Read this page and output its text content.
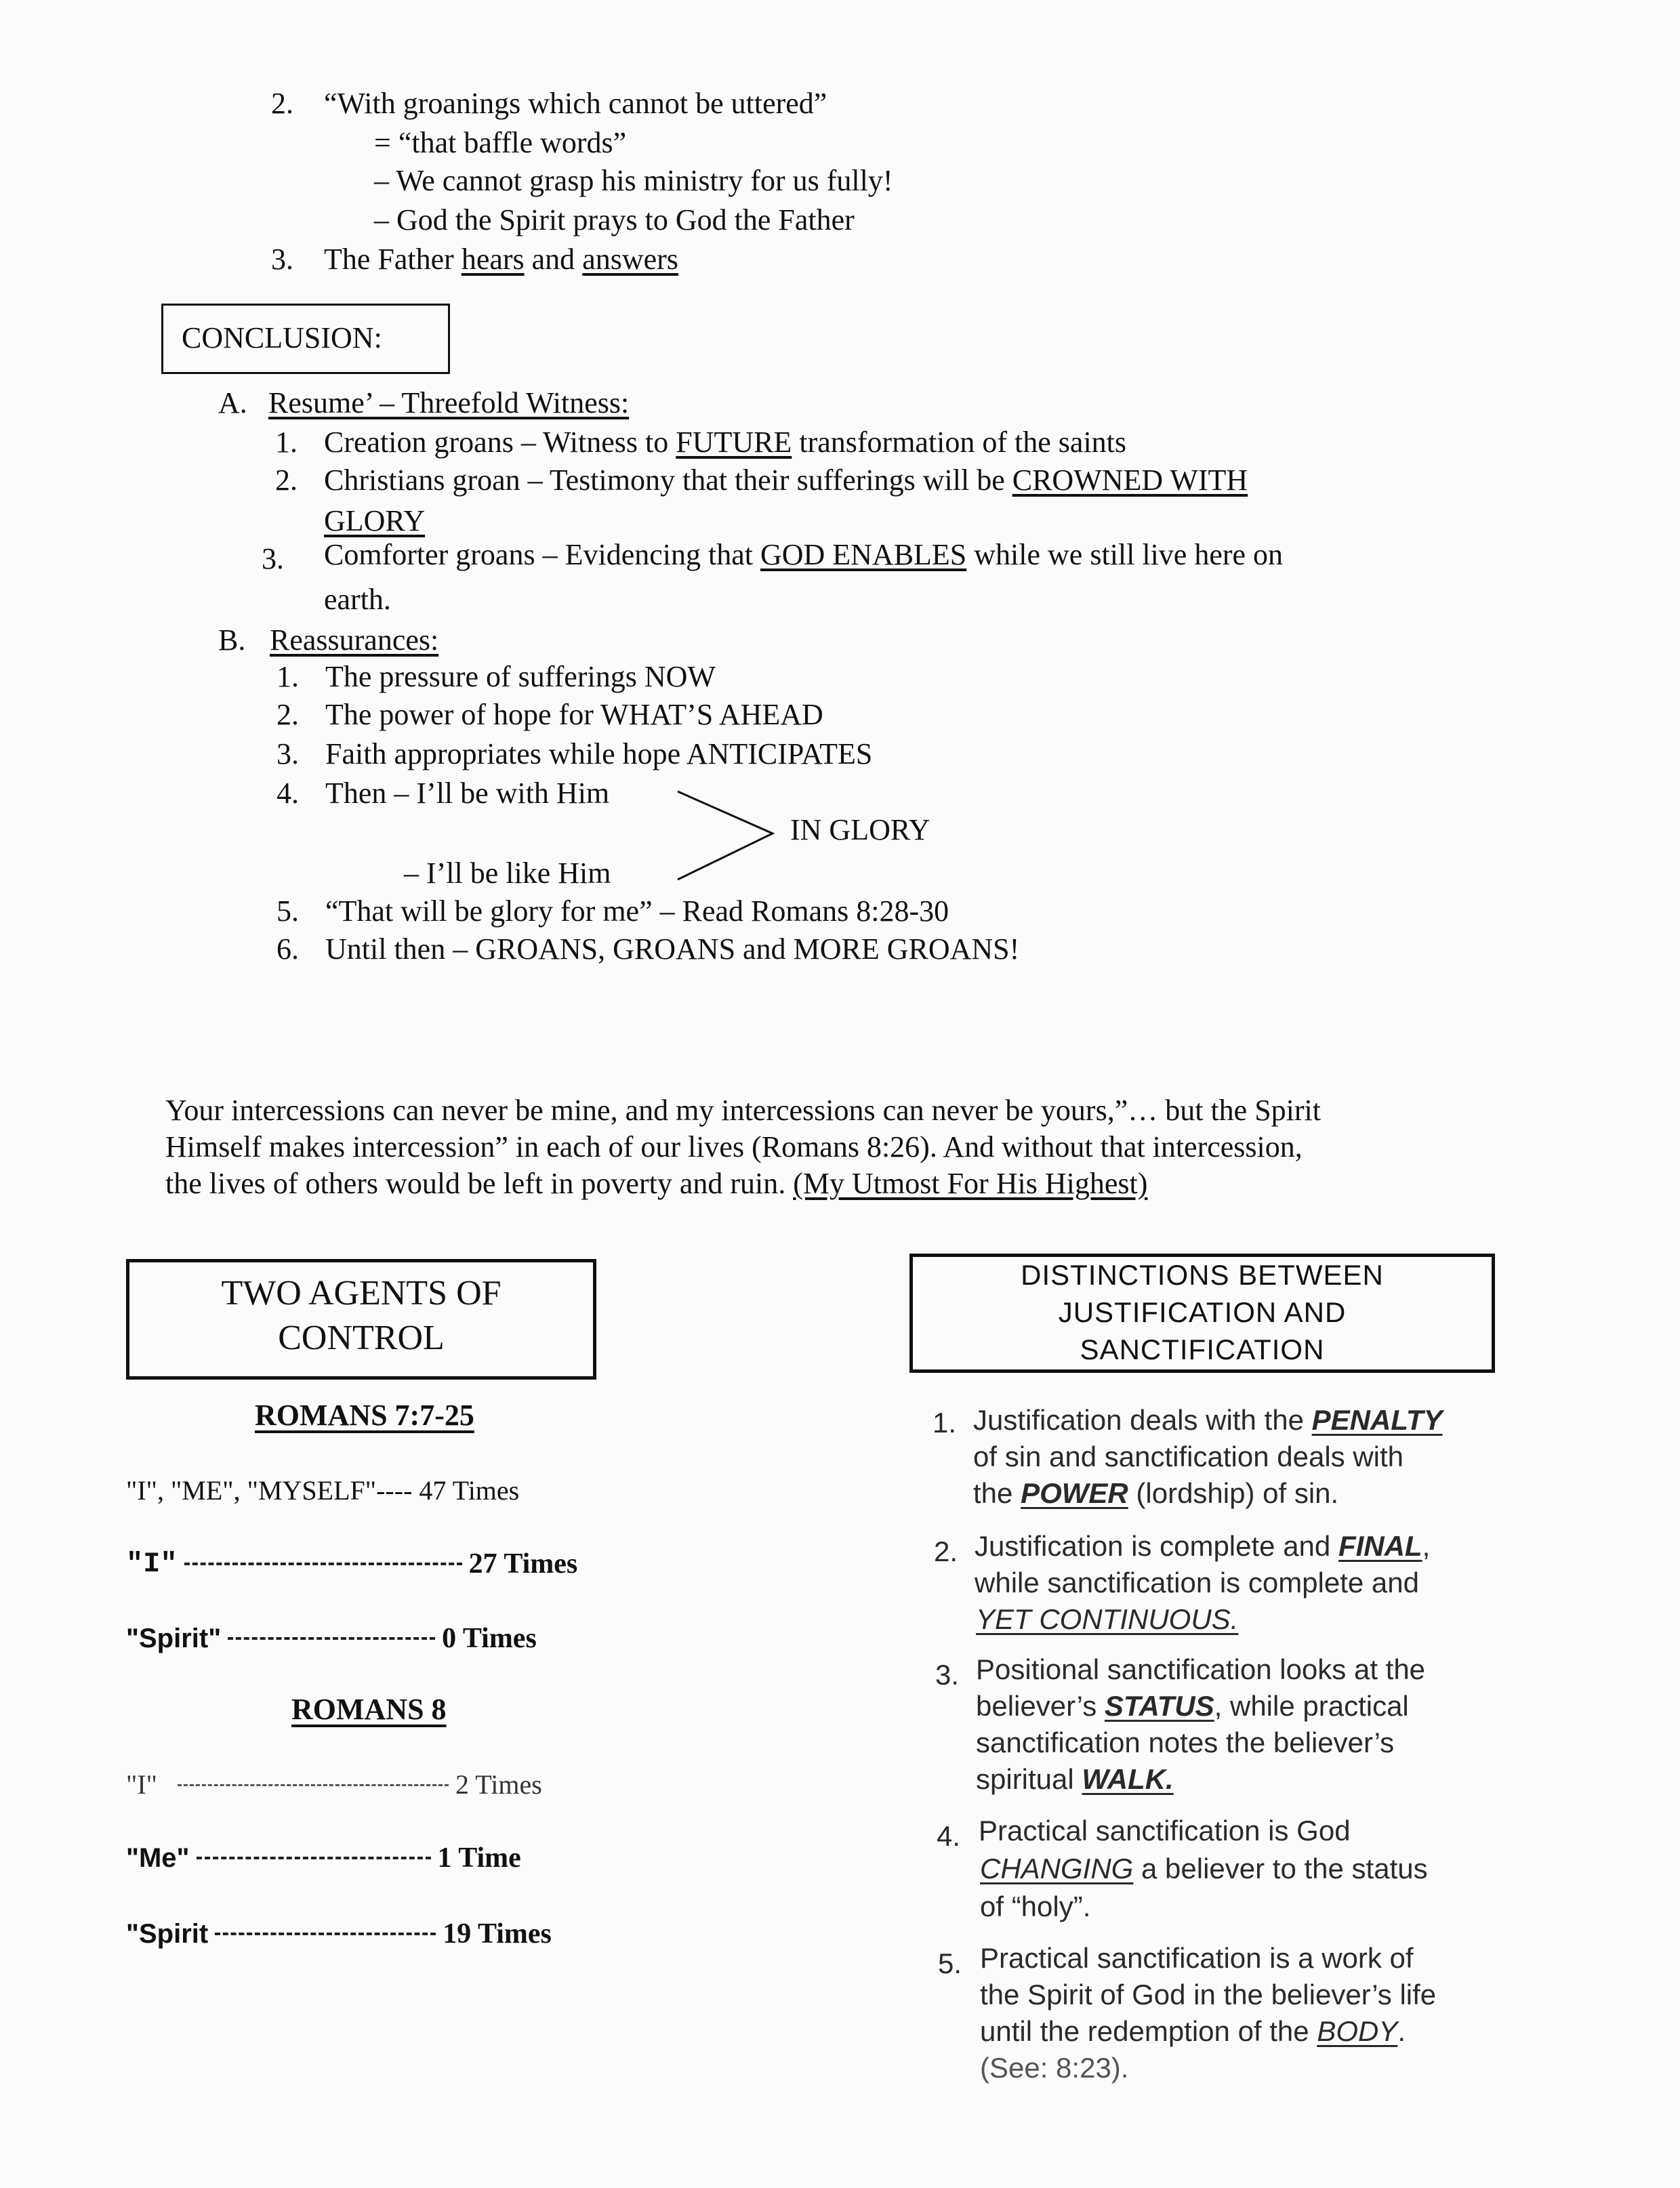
2. “With groanings which cannot be uttered”
= “that baffle words”
– We cannot grasp his ministry for us fully!
– God the Spirit prays to God the Father
3. The Father hears and answers
CONCLUSION:
A. Resume’ – Threefold Witness:
1. Creation groans – Witness to FUTURE transformation of the saints
2. Christians groan – Testimony that their sufferings will be CROWNED WITH
GLORY
3. Comforter groans – Evidencing that GOD ENABLES while we still live here on
earth.
B. Reassurances:
1. The pressure of sufferings NOW
2. The power of hope for WHAT’S AHEAD
3. Faith appropriates while hope ANTICIPATES
4. Then – I’ll be with Him
IN GLORY
– I’ll be like Him
5. “That will be glory for me” – Read Romans 8:28-30
6. Until then – GROANS, GROANS and MORE GROANS!
Your intercessions can never be mine, and my intercessions can never be yours,”… but the Spirit
Himself makes intercession” in each of our lives (Romans 8:26). And without that intercession,
the lives of others would be left in poverty and ruin. (My Utmost For His Highest)
TWO AGENTS OF
CONTROL
ROMANS 7:7-25
"I", "ME", "MYSELF"---- 47 Times
"I"	27 Times
"Spirit"	0 Times
ROMANS 8
"I"	2 Times
"Me"	1 Time
"Spirit	19 Times
DISTINCTIONS BETWEEN
JUSTIFICATION AND
SANCTIFICATION
1. Justification deals with the PENALTY
of sin and sanctification deals with
the POWER (lordship) of sin.
2. Justification is complete and FINAL,
while sanctification is complete and
YET CONTINUOUS.
3. Positional sanctification looks at the
believer’s STATUS, while practical
sanctification notes the believer’s
spiritual WALK.
4. Practical sanctification is God
CHANGING a believer to the status
of “holy”.
5. Practical sanctification is a work of
the Spirit of God in the believer’s life
until the redemption of the BODY.
(See: 8:23).
